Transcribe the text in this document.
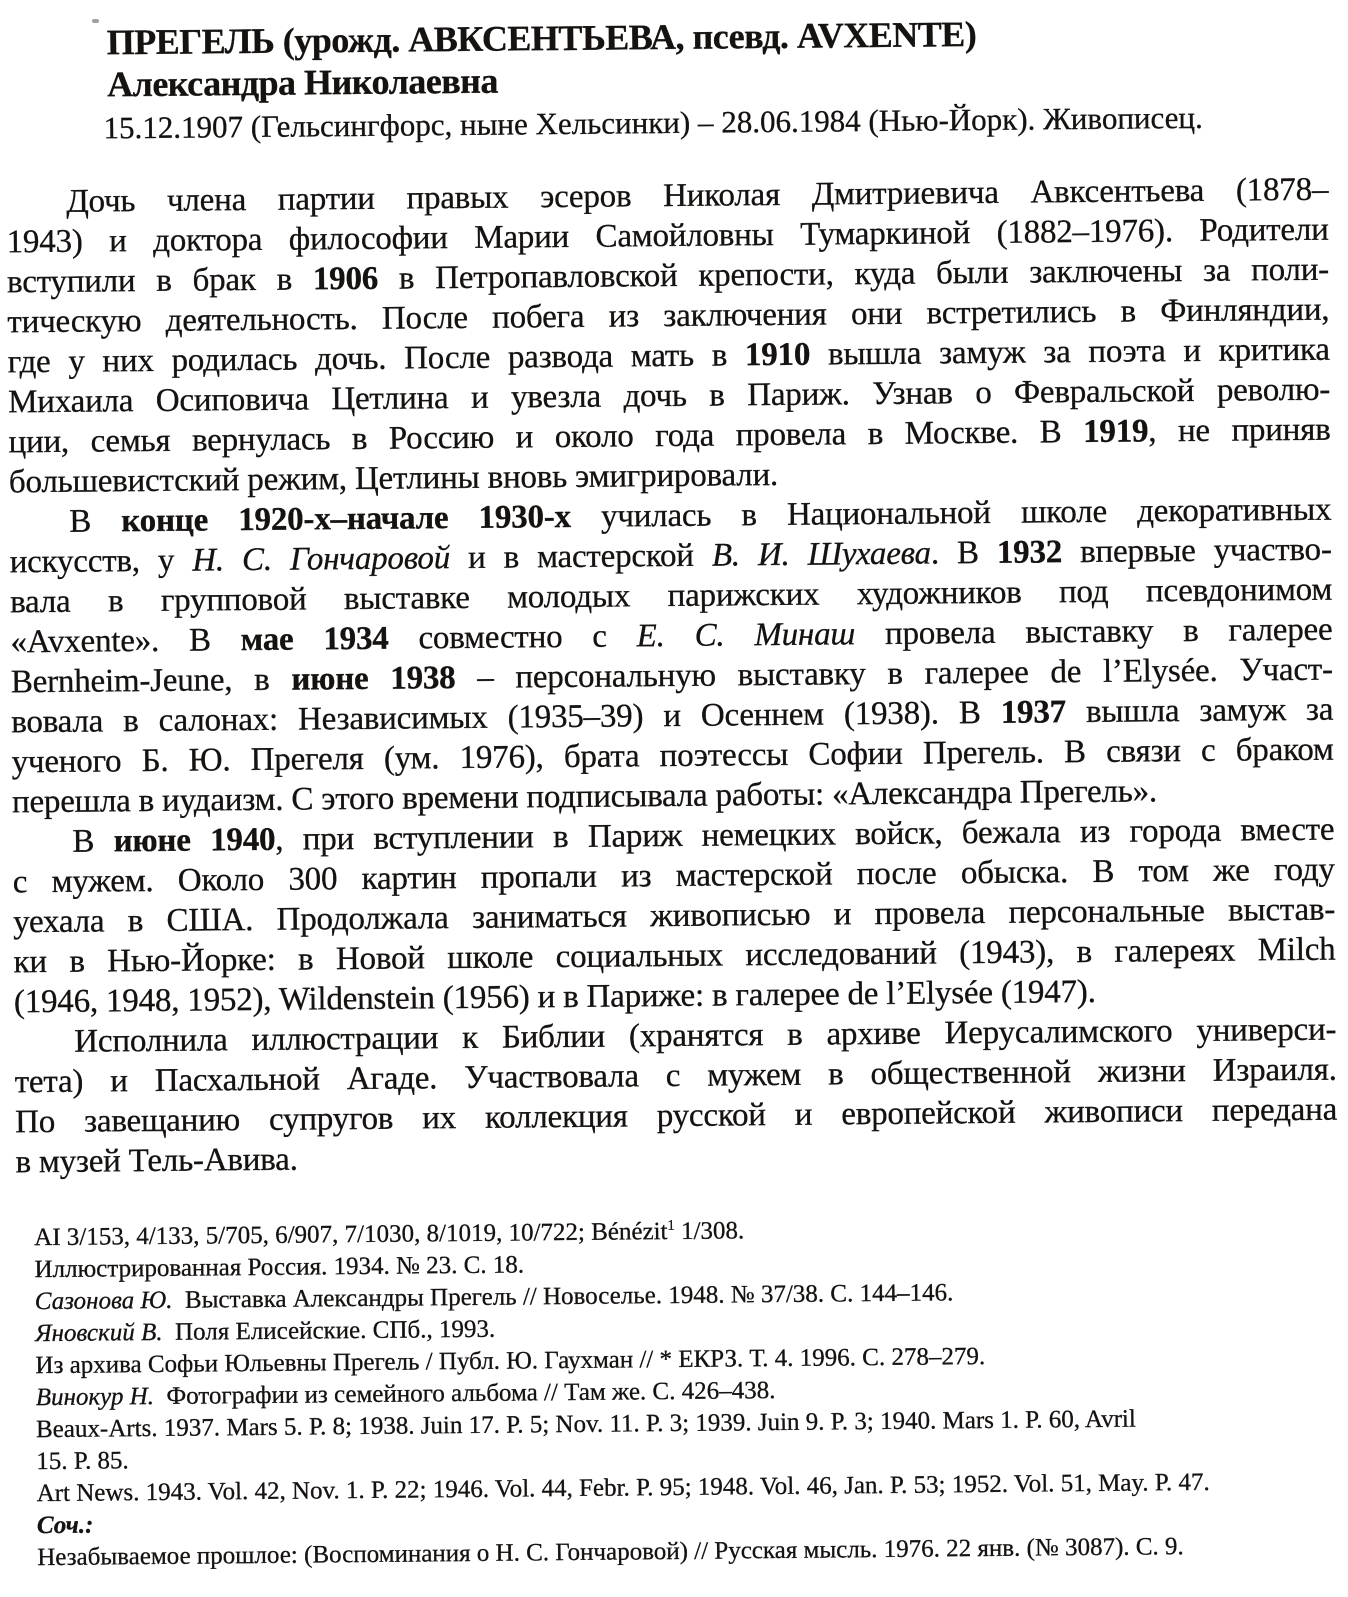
ПРЕГЕЛЬ (урожд. АВКСЕНТЬЕВА, псевд. AVXENTE)
Александра Николаевна
15.12.1907 (Гельсингфорс, ныне Хельсинки) – 28.06.1984 (Нью-Йорк). Живописец.
Дочь члена партии правых эсеров Николая Дмитриевича Авксентьева (1878–
1943) и доктора философии Марии Самойловны Тумаркиной (1882–1976). Родители
вступили в брак в 1906 в Петропавловской крепости, куда были заключены за поли-
тическую деятельность. После побега из заключения они встретились в Финляндии,
где у них родилась дочь. После развода мать в 1910 вышла замуж за поэта и критика
Михаила Осиповича Цетлина и увезла дочь в Париж. Узнав о Февральской револю-
ции, семья вернулась в Россию и около года провела в Москве. В 1919, не приняв
большевистский режим, Цетлины вновь эмигрировали.
В конце 1920-х–начале 1930-х училась в Национальной школе декоративных
искусств, у Н. С. Гончаровой и в мастерской В. И. Шухаева. В 1932 впервые участво-
вала в групповой выставке молодых парижских художников под псевдонимом
«Avxente». В мае 1934 совместно с Е. С. Минаш провела выставку в галерее
Bernheim-Jeune, в июне 1938 – персональную выставку в галерее de l’Elysée. Участ-
вовала в салонах: Независимых (1935–39) и Осеннем (1938). В 1937 вышла замуж за
ученого Б. Ю. Прегеля (ум. 1976), брата поэтессы Софии Прегель. В связи с браком
перешла в иудаизм. С этого времени подписывала работы: «Александра Прегель».
В июне 1940, при вступлении в Париж немецких войск, бежала из города вместе
с мужем. Около 300 картин пропали из мастерской после обыска. В том же году
уехала в США. Продолжала заниматься живописью и провела персональные выстав-
ки в Нью-Йорке: в Новой школе социальных исследований (1943), в галереях Milch
(1946, 1948, 1952), Wildenstein (1956) и в Париже: в галерее de l’Elysée (1947).
Исполнила иллюстрации к Библии (хранятся в архиве Иерусалимского универси-
тета) и Пасхальной Агаде. Участвовала с мужем в общественной жизни Израиля.
По завещанию супругов их коллекция русской и европейской живописи передана
в музей Тель-Авива.
AI 3/153, 4/133, 5/705, 6/907, 7/1030, 8/1019, 10/722; Bénézit$^1$ 1/308.
Иллюстрированная Россия. 1934. № 23. С. 18.
Сазонова Ю. Выставка Александры Прегель // Новоселье. 1948. № 37/38. С. 144–146.
Яновский В. Поля Елисейские. СПб., 1993.
Из архива Софьи Юльевны Прегель / Публ. Ю. Гаухман // * ЕКРЗ. Т. 4. 1996. С. 278–279.
Винокур Н. Фотографии из семейного альбома // Там же. С. 426–438.
Beaux-Arts. 1937. Mars 5. P. 8; 1938. Juin 17. P. 5; Nov. 11. P. 3; 1939. Juin 9. P. 3; 1940. Mars 1. P. 60, Avril
15. P. 85.
Art News. 1943. Vol. 42, Nov. 1. P. 22; 1946. Vol. 44, Febr. P. 95; 1948. Vol. 46, Jan. P. 53; 1952. Vol. 51, May. P. 47.
Соч.:
Незабываемое прошлое: (Воспоминания о Н. С. Гончаровой) // Русская мысль. 1976. 22 янв. (№ 3087). С. 9.
